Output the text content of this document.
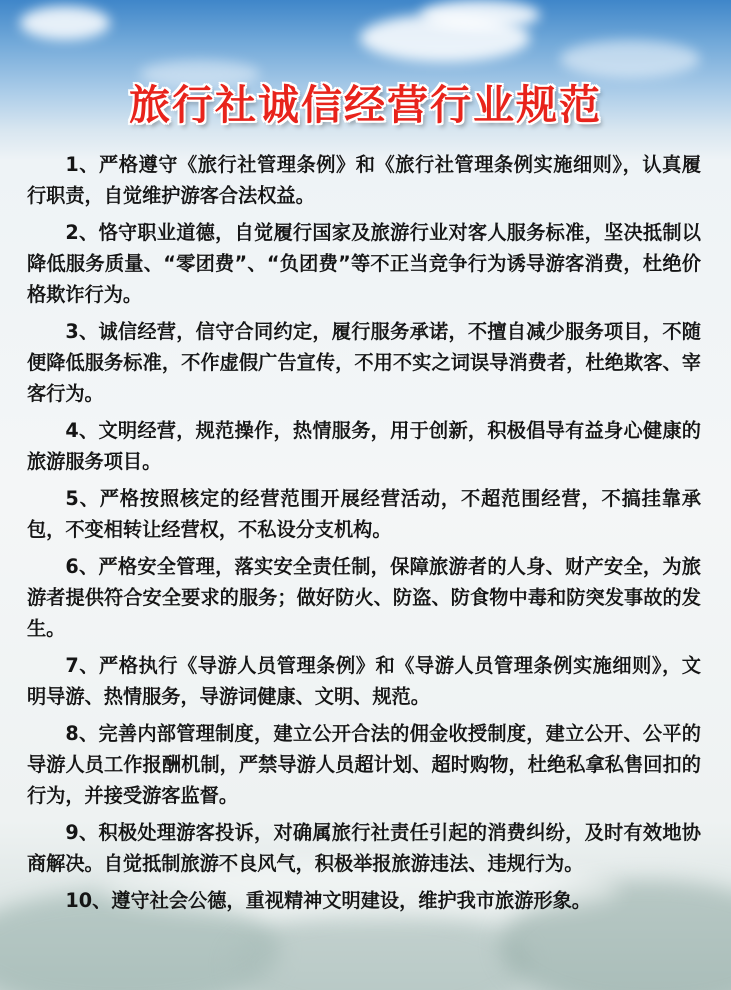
旅行社诚信经营行业规范

1、严格遵守《旅行社管理条例》和《旅行社管理条例实施细则》，认真履行职责，自觉维护游客合法权益。

2、恪守职业道德，自觉履行国家及旅游行业对客人服务标准，坚决抵制以降低服务质量、“零团费”、“负团费”等不正当竞争行为诱导游客消费，杜绝价格欺诈行为。

3、诚信经营，信守合同约定，履行服务承诺，不擅自减少服务项目，不随便降低服务标准，不作虚假广告宣传，不用不实之词误导消费者，杜绝欺客、宰客行为。

4、文明经营，规范操作，热情服务，用于创新，积极倡导有益身心健康的旅游服务项目。

5、严格按照核定的经营范围开展经营活动，不超范围经营，不搞挂靠承包，不变相转让经营权，不私设分支机构。

6、严格安全管理，落实安全责任制，保障旅游者的人身、财产安全，为旅游者提供符合安全要求的服务；做好防火、防盗、防食物中毒和防突发事故的发生。

7、严格执行《导游人员管理条例》和《导游人员管理条例实施细则》，文明导游、热情服务，导游词健康、文明、规范。

8、完善内部管理制度，建立公开合法的佣金收授制度，建立公开、公平的导游人员工作报酬机制，严禁导游人员超计划、超时购物，杜绝私拿私售回扣的行为，并接受游客监督。

9、积极处理游客投诉，对确属旅行社责任引起的消费纠纷，及时有效地协商解决。自觉抵制旅游不良风气，积极举报旅游违法、违规行为。

10、遵守社会公德，重视精神文明建设，维护我市旅游形象。
